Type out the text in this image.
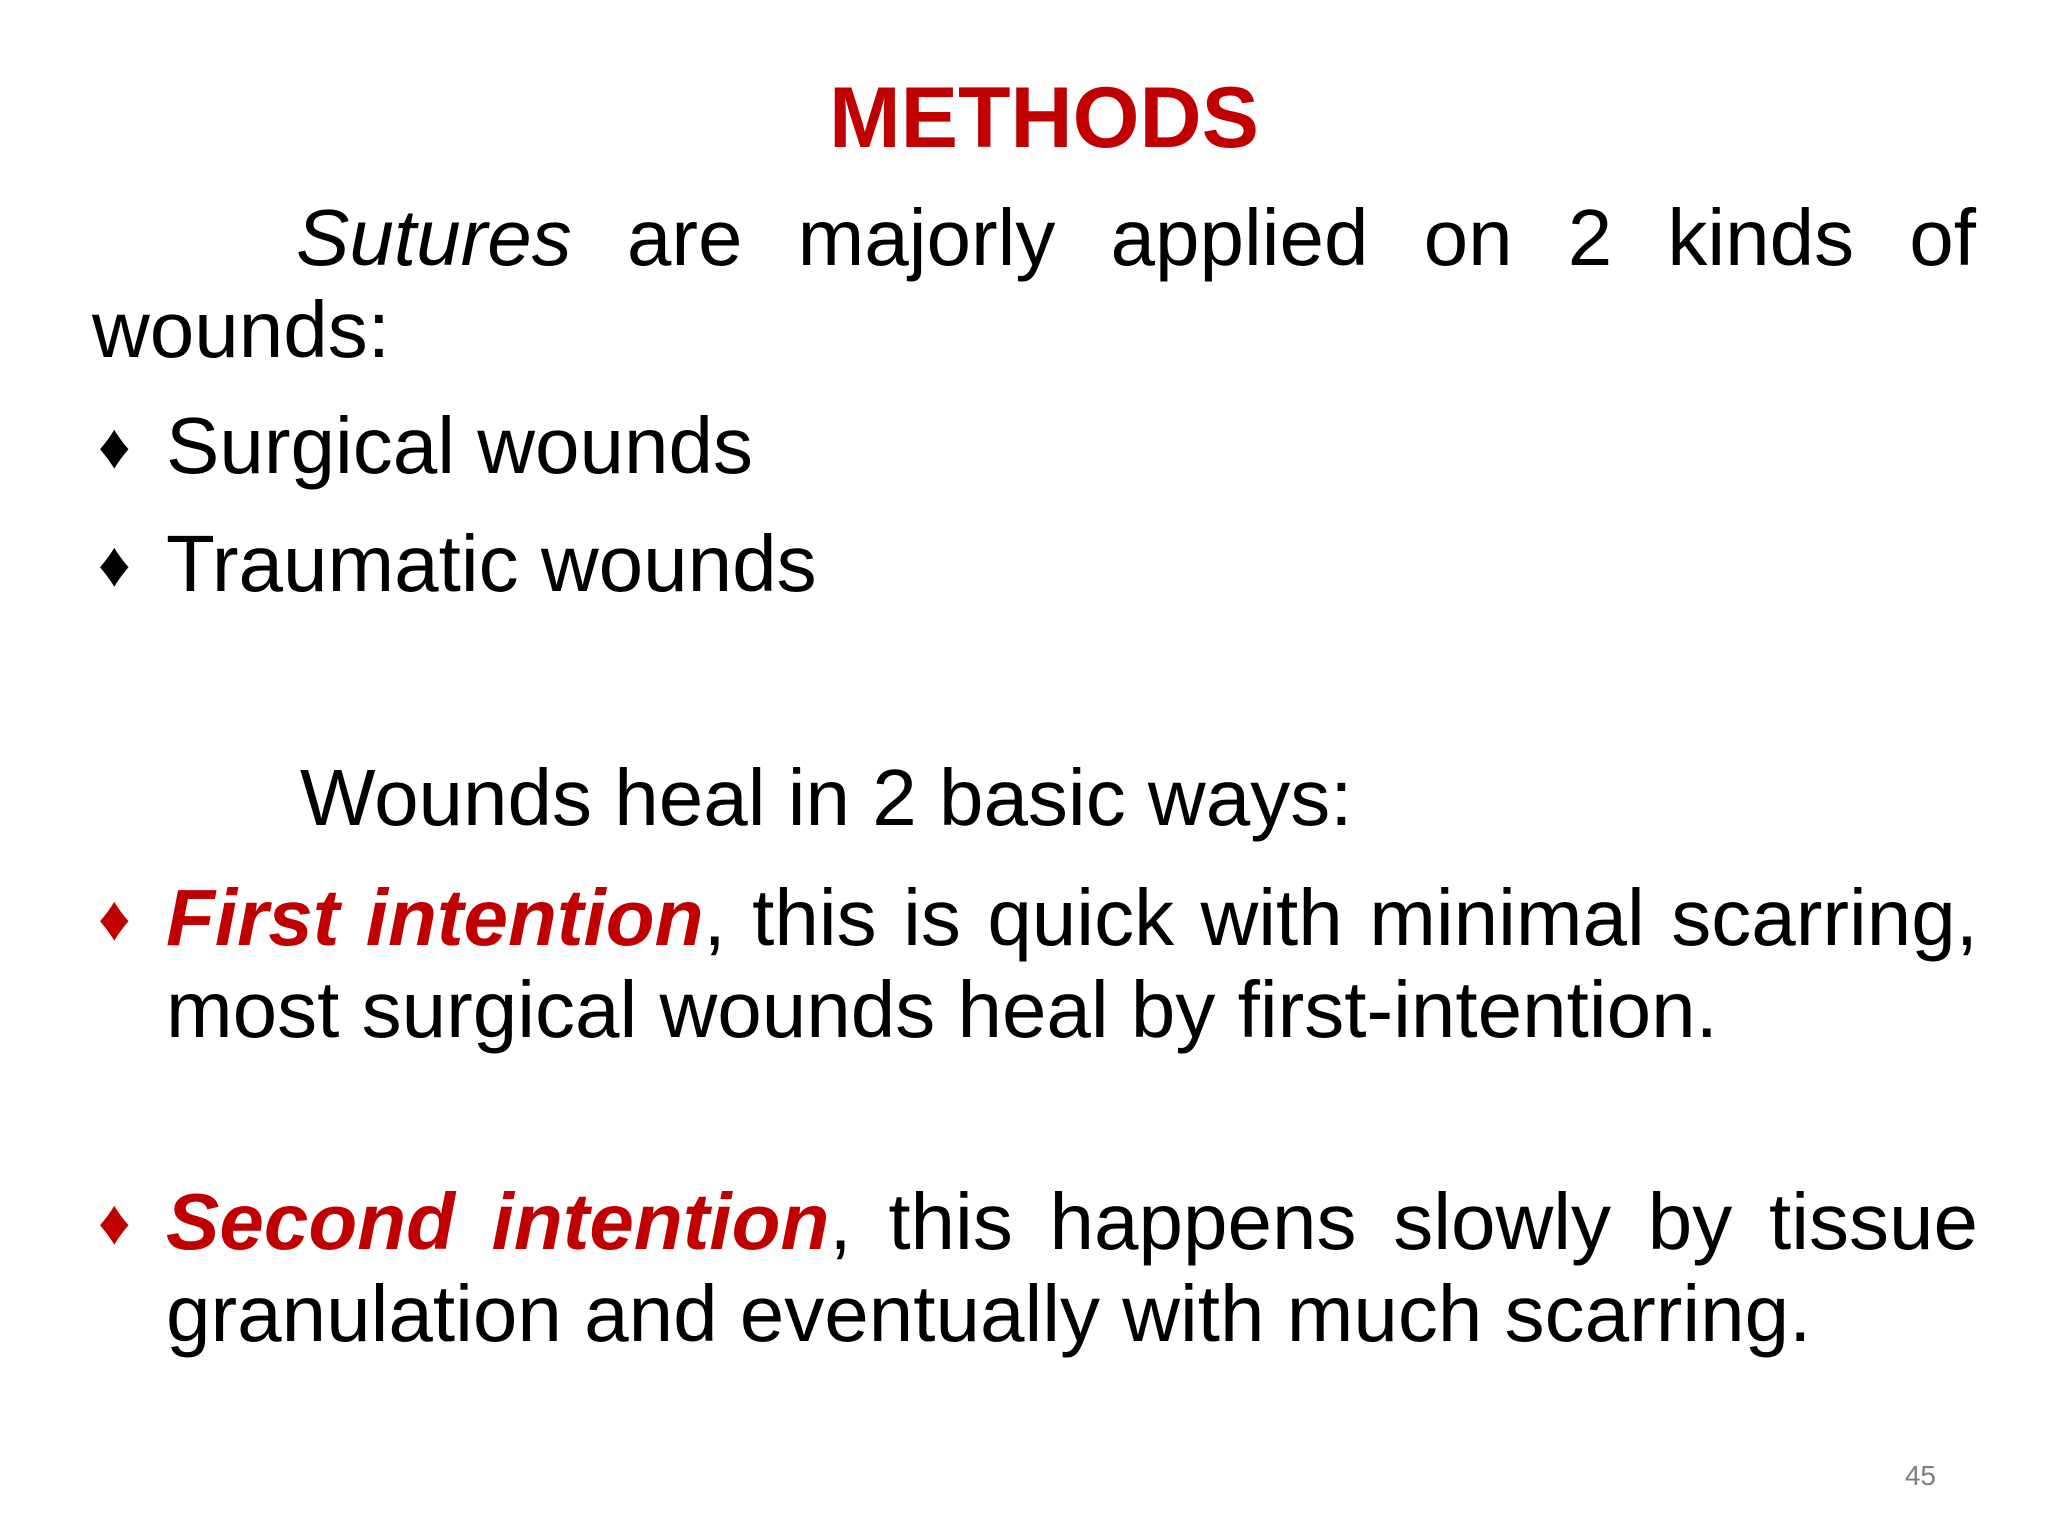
METHODS
Sutures are majorly applied on 2 kinds of wounds:
♦ Surgical wounds
♦ Traumatic wounds
Wounds heal in 2 basic ways:
♦ First intention, this is quick with minimal scarring, most surgical wounds heal by first-intention.
♦ Second intention, this happens slowly by tissue granulation and eventually with much scarring.
45
